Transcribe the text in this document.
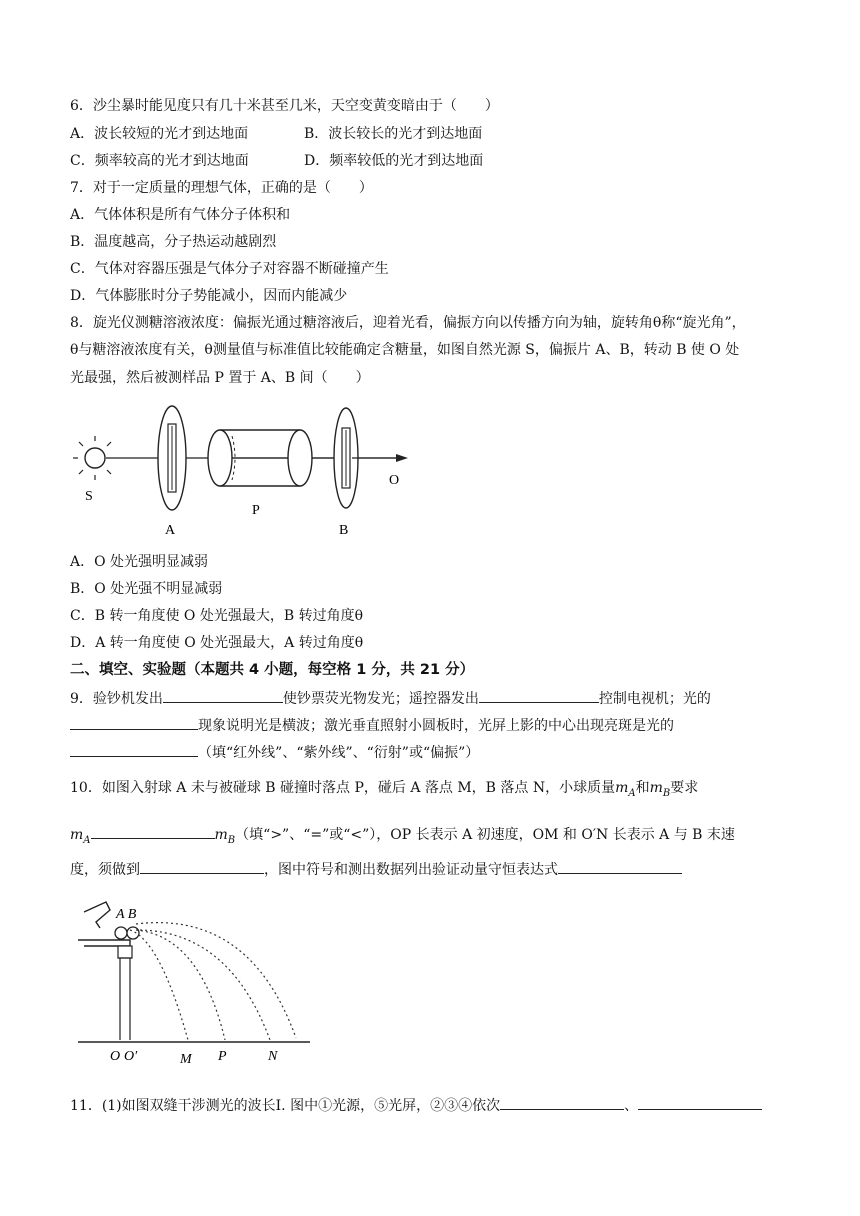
6．沙尘暴时能见度只有几十米甚至几米，天空变黄变暗由于（　　）
A．波长较短的光才到达地面	B．波长较长的光才到达地面
C．频率较高的光才到达地面	D．频率较低的光才到达地面
7．对于一定质量的理想气体，正确的是（　　）
A．气体体积是所有气体分子体积和
B．温度越高，分子热运动越剧烈
C．气体对容器压强是气体分子对容器不断碰撞产生
D．气体膨胀时分子势能减小，因而内能减少
8．旋光仪测糖溶液浓度：偏振光通过糖溶液后，迎着光看，偏振方向以传播方向为轴，旋转角θ称“旋光角”，
θ与糖溶液浓度有关，θ测量值与标准值比较能确定含糖量，如图自然光源 S，偏振片 A、B，转动 B 使 O 处
光最强，然后被测样品 P 置于 A、B 间（　　）
S
A
P
B
O
A．O 处光强明显减弱
B．O 处光强不明显减弱
C．B 转一角度使 O 处光强最大，B 转过角度θ
D．A 转一角度使 O 处光强最大，A 转过角度θ
二、填空、实验题（本题共 4 小题，每空格 1 分，共 21 分）
9．验钞机发出	使钞票荧光物发光；遥控器发出	控制电视机；光的
现象说明光是横波；激光垂直照射小圆板时，光屏上影的中心出现亮斑是光的
（填“红外线”、“紫外线”、“衍射”或“偏振”）
10．如图入射球 A 未与被碰球 B 碰撞时落点 P，碰后 A 落点 M，B 落点 N，小球质量$m_A$和$m_B$要求
$m_A$	$m_B$（填“>”、“=”或“<”），OP 长表示 A 初速度，OM 和 O′N 长表示 A 与 B 末速
度，须做到	，图中符号和测出数据列出验证动量守恒表达式
A B
O O′	M P	N
11．(1)如图双缝干涉测光的波长Ⅰ. 图中①光源，⑤光屏，②③④依次	、
